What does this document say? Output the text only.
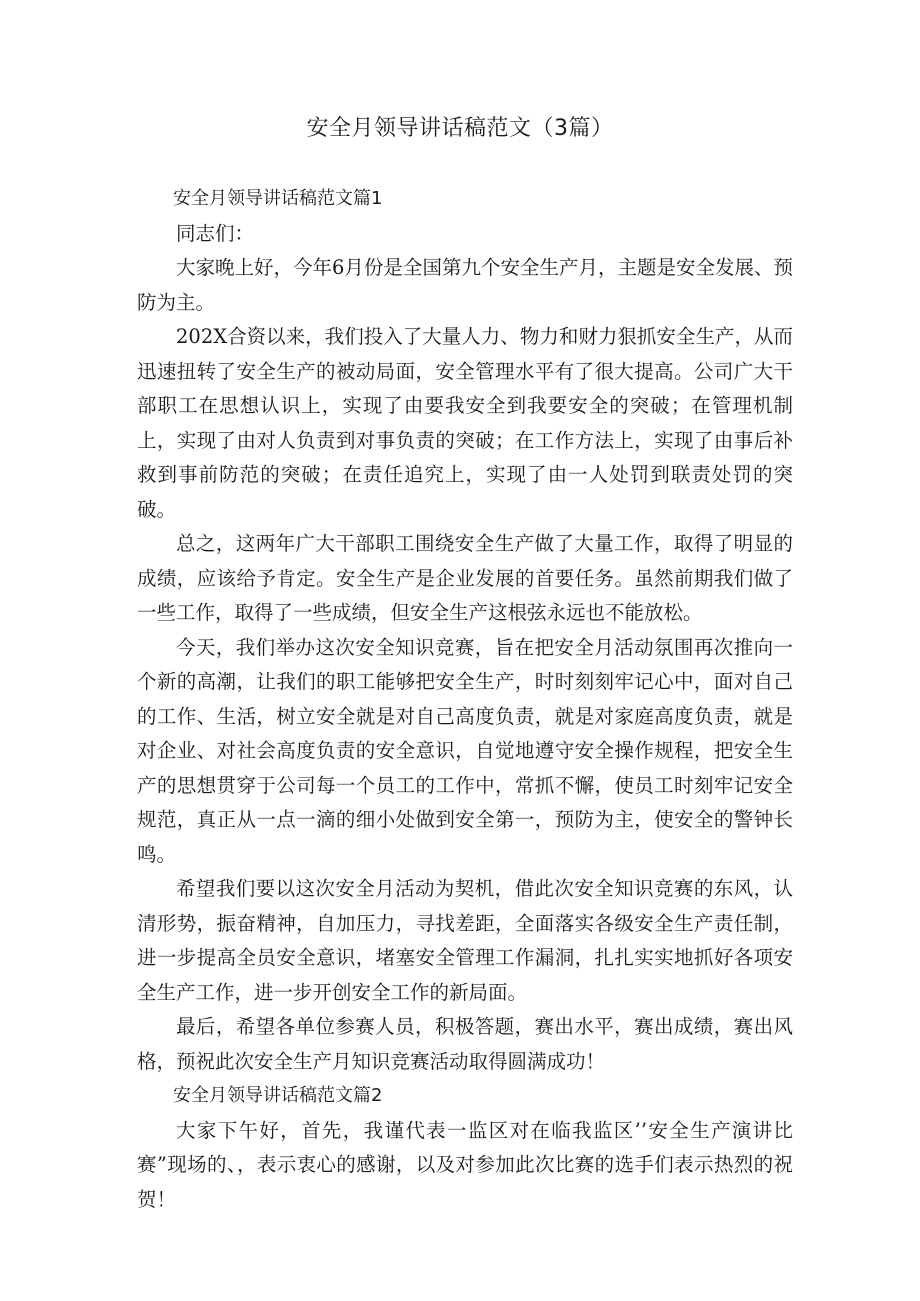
安全月领导讲话稿范文（3篇）

安全月领导讲话稿范文篇1

同志们：

大家晚上好，今年6月份是全国第九个安全生产月，主题是安全发展、预防为主。

202X合资以来，我们投入了大量人力、物力和财力狠抓安全生产，从而迅速扭转了安全生产的被动局面，安全管理水平有了很大提高。公司广大干部职工在思想认识上，实现了由要我安全到我要安全的突破；在管理机制上，实现了由对人负责到对事负责的突破；在工作方法上，实现了由事后补救到事前防范的突破；在责任追究上，实现了由一人处罚到联责处罚的突破。

总之，这两年广大干部职工围绕安全生产做了大量工作，取得了明显的成绩，应该给予肯定。安全生产是企业发展的首要任务。虽然前期我们做了一些工作，取得了一些成绩，但安全生产这根弦永远也不能放松。

今天，我们举办这次安全知识竞赛，旨在把安全月活动氛围再次推向一个新的高潮，让我们的职工能够把安全生产，时时刻刻牢记心中，面对自己的工作、生活，树立安全就是对自己高度负责，就是对家庭高度负责，就是对企业、对社会高度负责的安全意识，自觉地遵守安全操作规程，把安全生产的思想贯穿于公司每一个员工的工作中，常抓不懈，使员工时刻牢记安全规范，真正从一点一滴的细小处做到安全第一，预防为主，使安全的警钟长鸣。

希望我们要以这次安全月活动为契机，借此次安全知识竞赛的东风，认清形势，振奋精神，自加压力，寻找差距，全面落实各级安全生产责任制，进一步提高全员安全意识，堵塞安全管理工作漏洞，扎扎实实地抓好各项安全生产工作，进一步开创安全工作的新局面。

最后，希望各单位参赛人员，积极答题，赛出水平，赛出成绩，赛出风格，预祝此次安全生产月知识竞赛活动取得圆满成功！

安全月领导讲话稿范文篇2

大家下午好，首先，我谨代表一监区对在临我监区’’安全生产演讲比赛”现场的、，表示衷心的感谢，以及对参加此次比赛的选手们表示热烈的祝贺！
